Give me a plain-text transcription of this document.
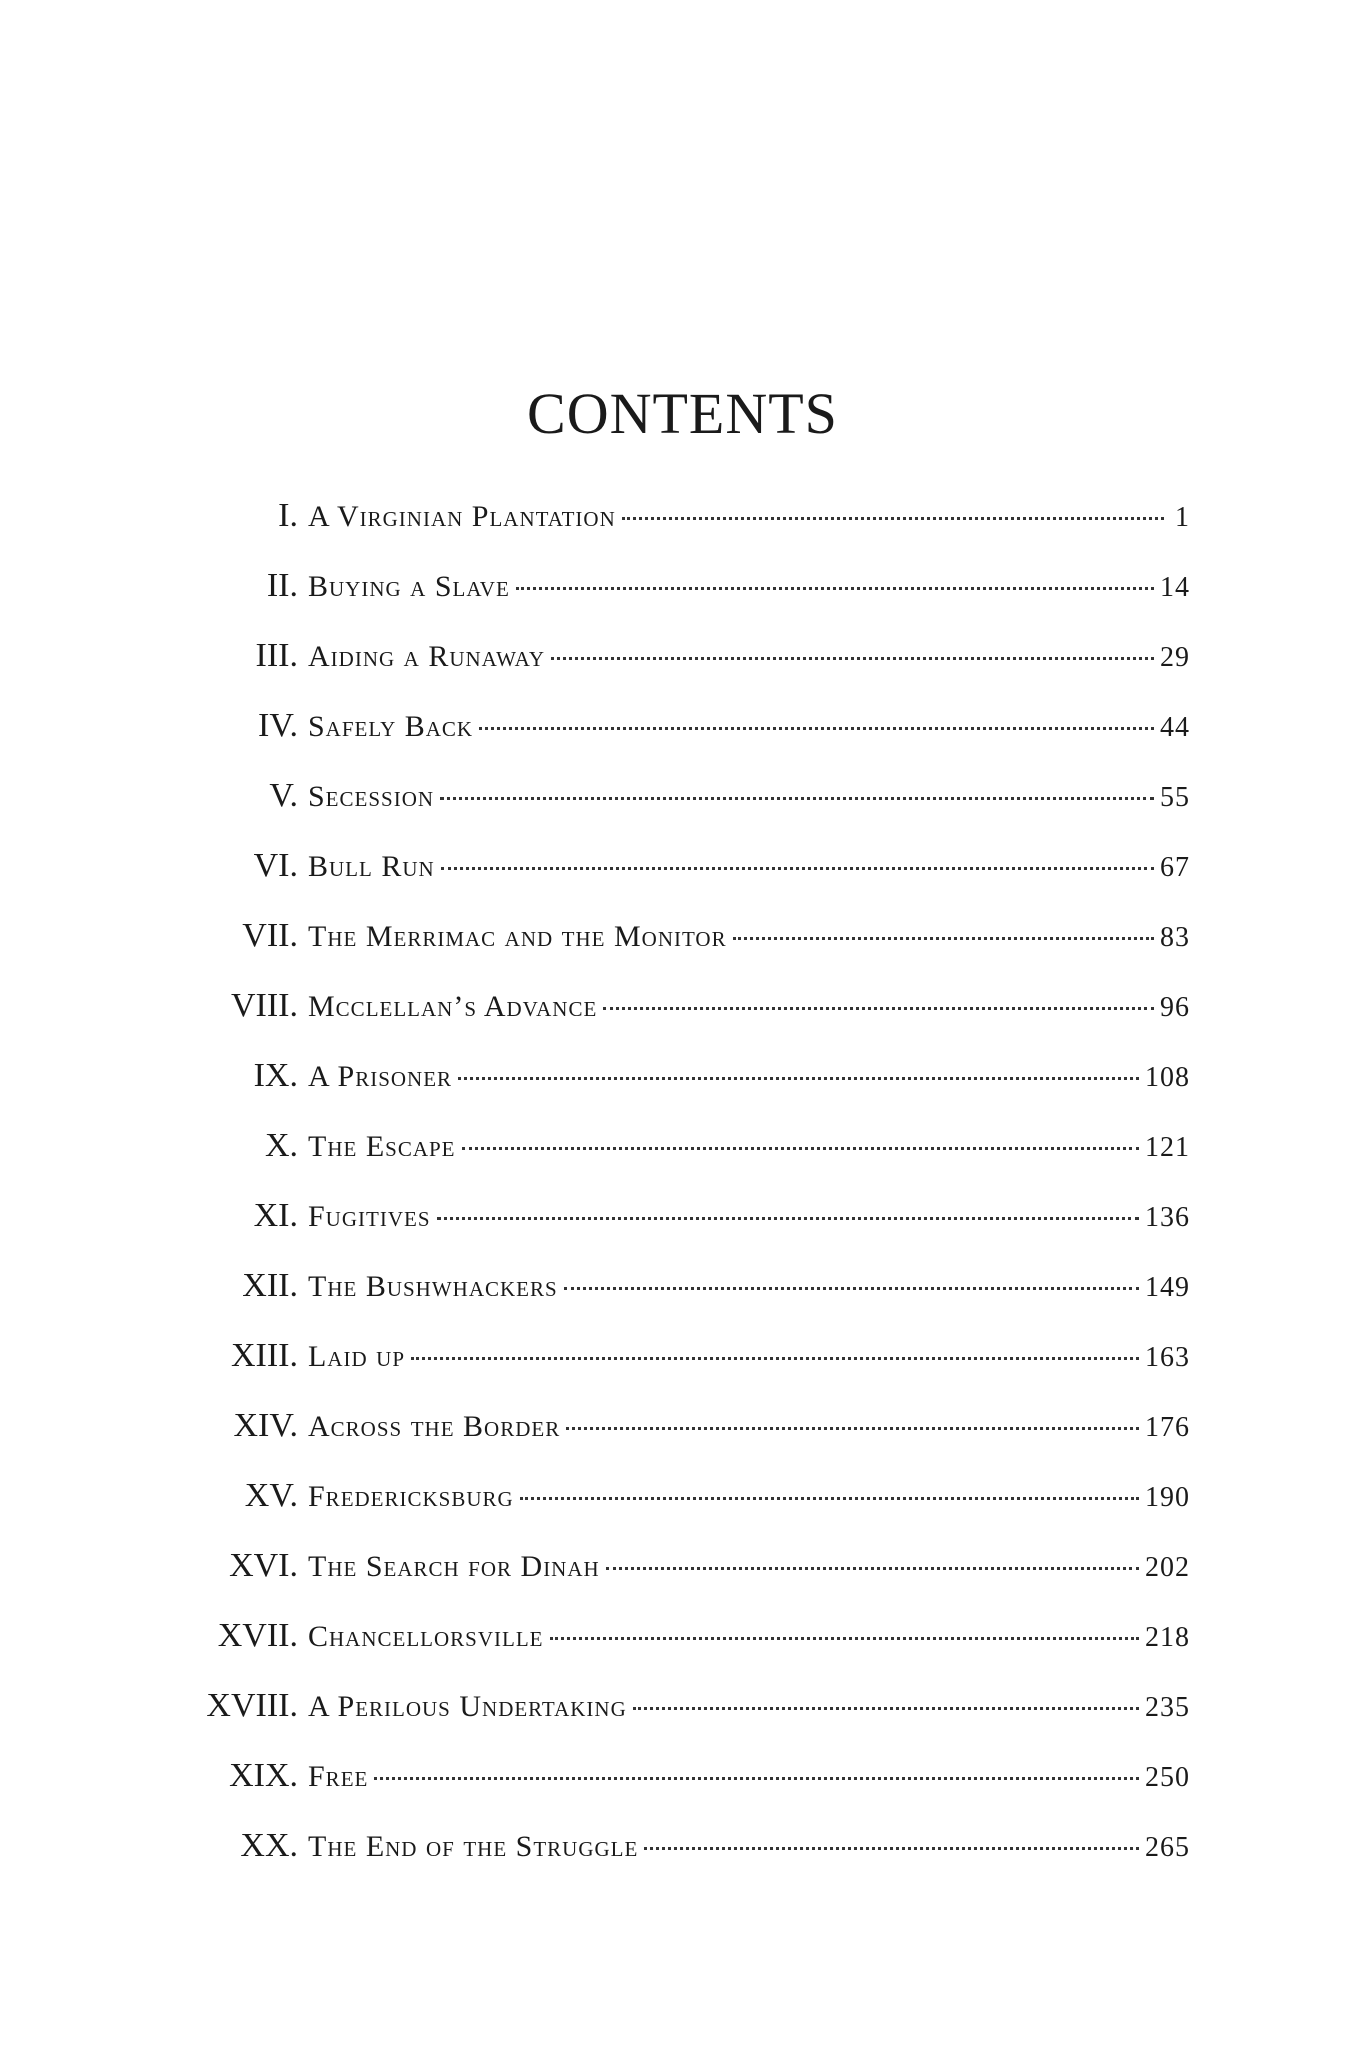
CONTENTS
I. A Virginian Plantation	1
II. Buying a Slave	14
III. Aiding a Runaway	29
IV. Safely Back	44
V. Secession	55
VI. Bull Run	67
VII. The Merrimac and the Monitor	83
VIII. Mcclellan’s Advance	96
IX. A Prisoner	108
X. The Escape	121
XI. Fugitives	136
XII. The Bushwhackers	149
XIII. Laid up	163
XIV. Across the Border	176
XV. Fredericksburg	190
XVI. The Search for Dinah	202
XVII. Chancellorsville	218
XVIII. A Perilous Undertaking	235
XIX. Free	250
XX. The End of the Struggle	265
